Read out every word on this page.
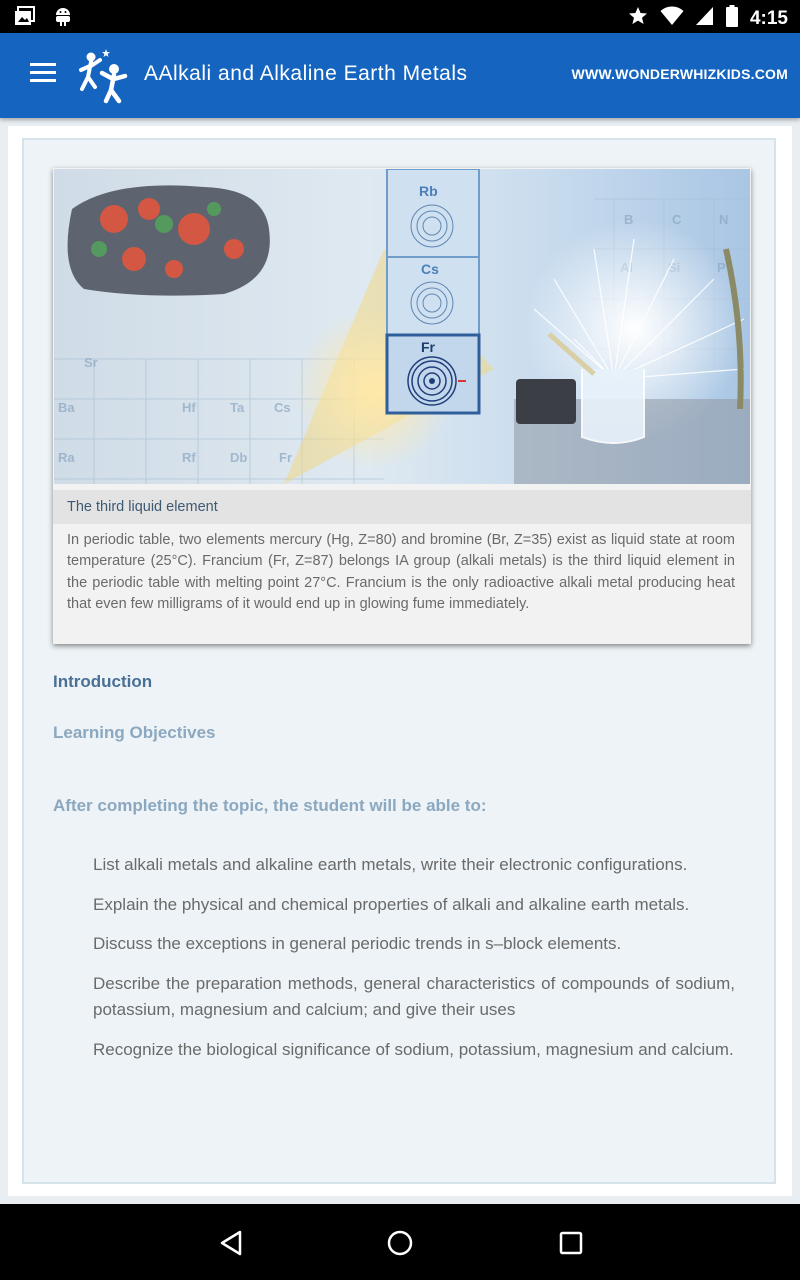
4:15
AAlkali and Alkaline Earth Metals	WWW.WONDERWHIZKIDS.COM
Ba
Ra
Hf
Rf
Ta
Db
Cs
Fr
Sr
C	N
Rb
Cs
Fr
The third liquid element
In periodic table, two elements mercury (Hg, Z=80) and bromine (Br, Z=35) exist as liquid state at room temperature (25°C). Francium (Fr, Z=87) belongs IA group (alkali metals) is the third liquid element in the periodic table with melting point 27°C. Francium is the only radioactive alkali metal producing heat that even few milligrams of it would end up in glowing fume immediately.
Introduction
Learning Objectives
After completing the topic, the student will be able to:
List alkali metals and alkaline earth metals, write their electronic configurations.
Explain the physical and chemical properties of alkali and alkaline earth metals.
Discuss the exceptions in general periodic trends in s–block elements.
Describe the preparation methods, general characteristics of compounds of sodium, potassium, magnesium and calcium; and give their uses
Recognize the biological significance of sodium, potassium, magnesium and calcium.
